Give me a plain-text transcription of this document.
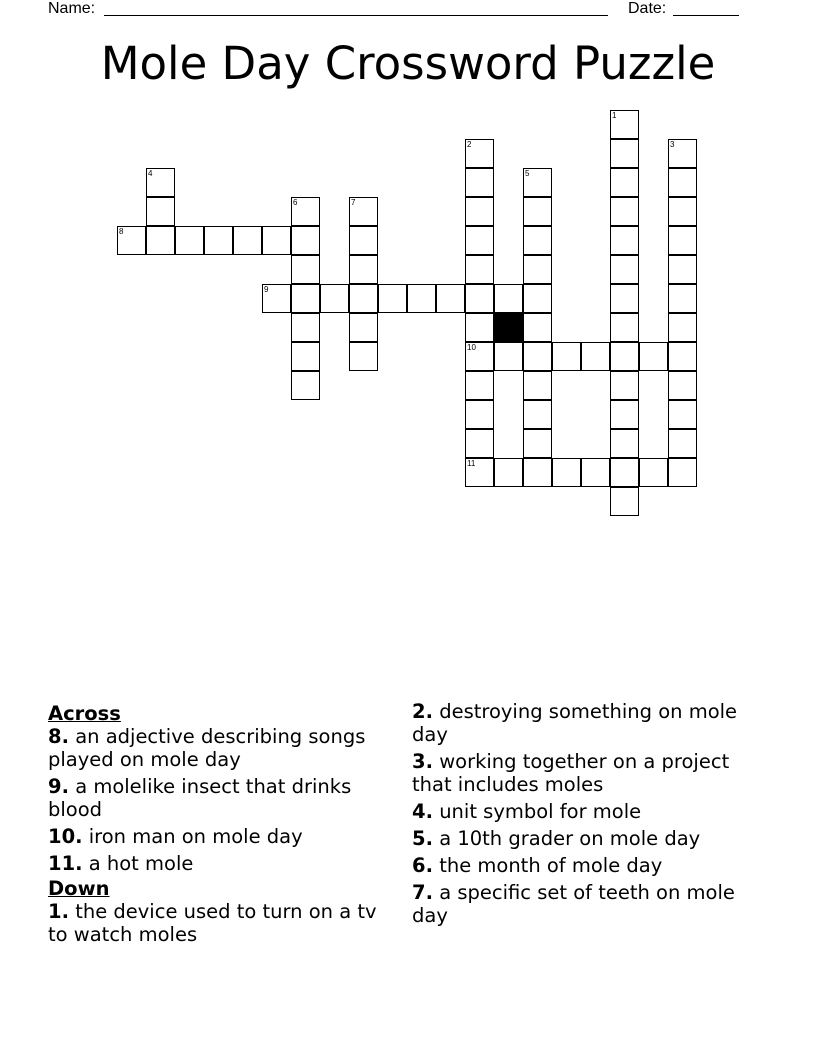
Name:	Date:
Mole Day Crossword Puzzle
1
2
10
11
3
4	5
6	7
8
9
Across
8. an adjective describing songs played on mole day
9. a molelike insect that drinks blood
10. iron man on mole day
11. a hot mole
Down
1. the device used to turn on a tv to watch moles
2. destroying something on mole day
3. working together on a project that includes moles
4. unit symbol for mole
5. a 10th grader on mole day
6. the month of mole day
7. a specific set of teeth on mole day
